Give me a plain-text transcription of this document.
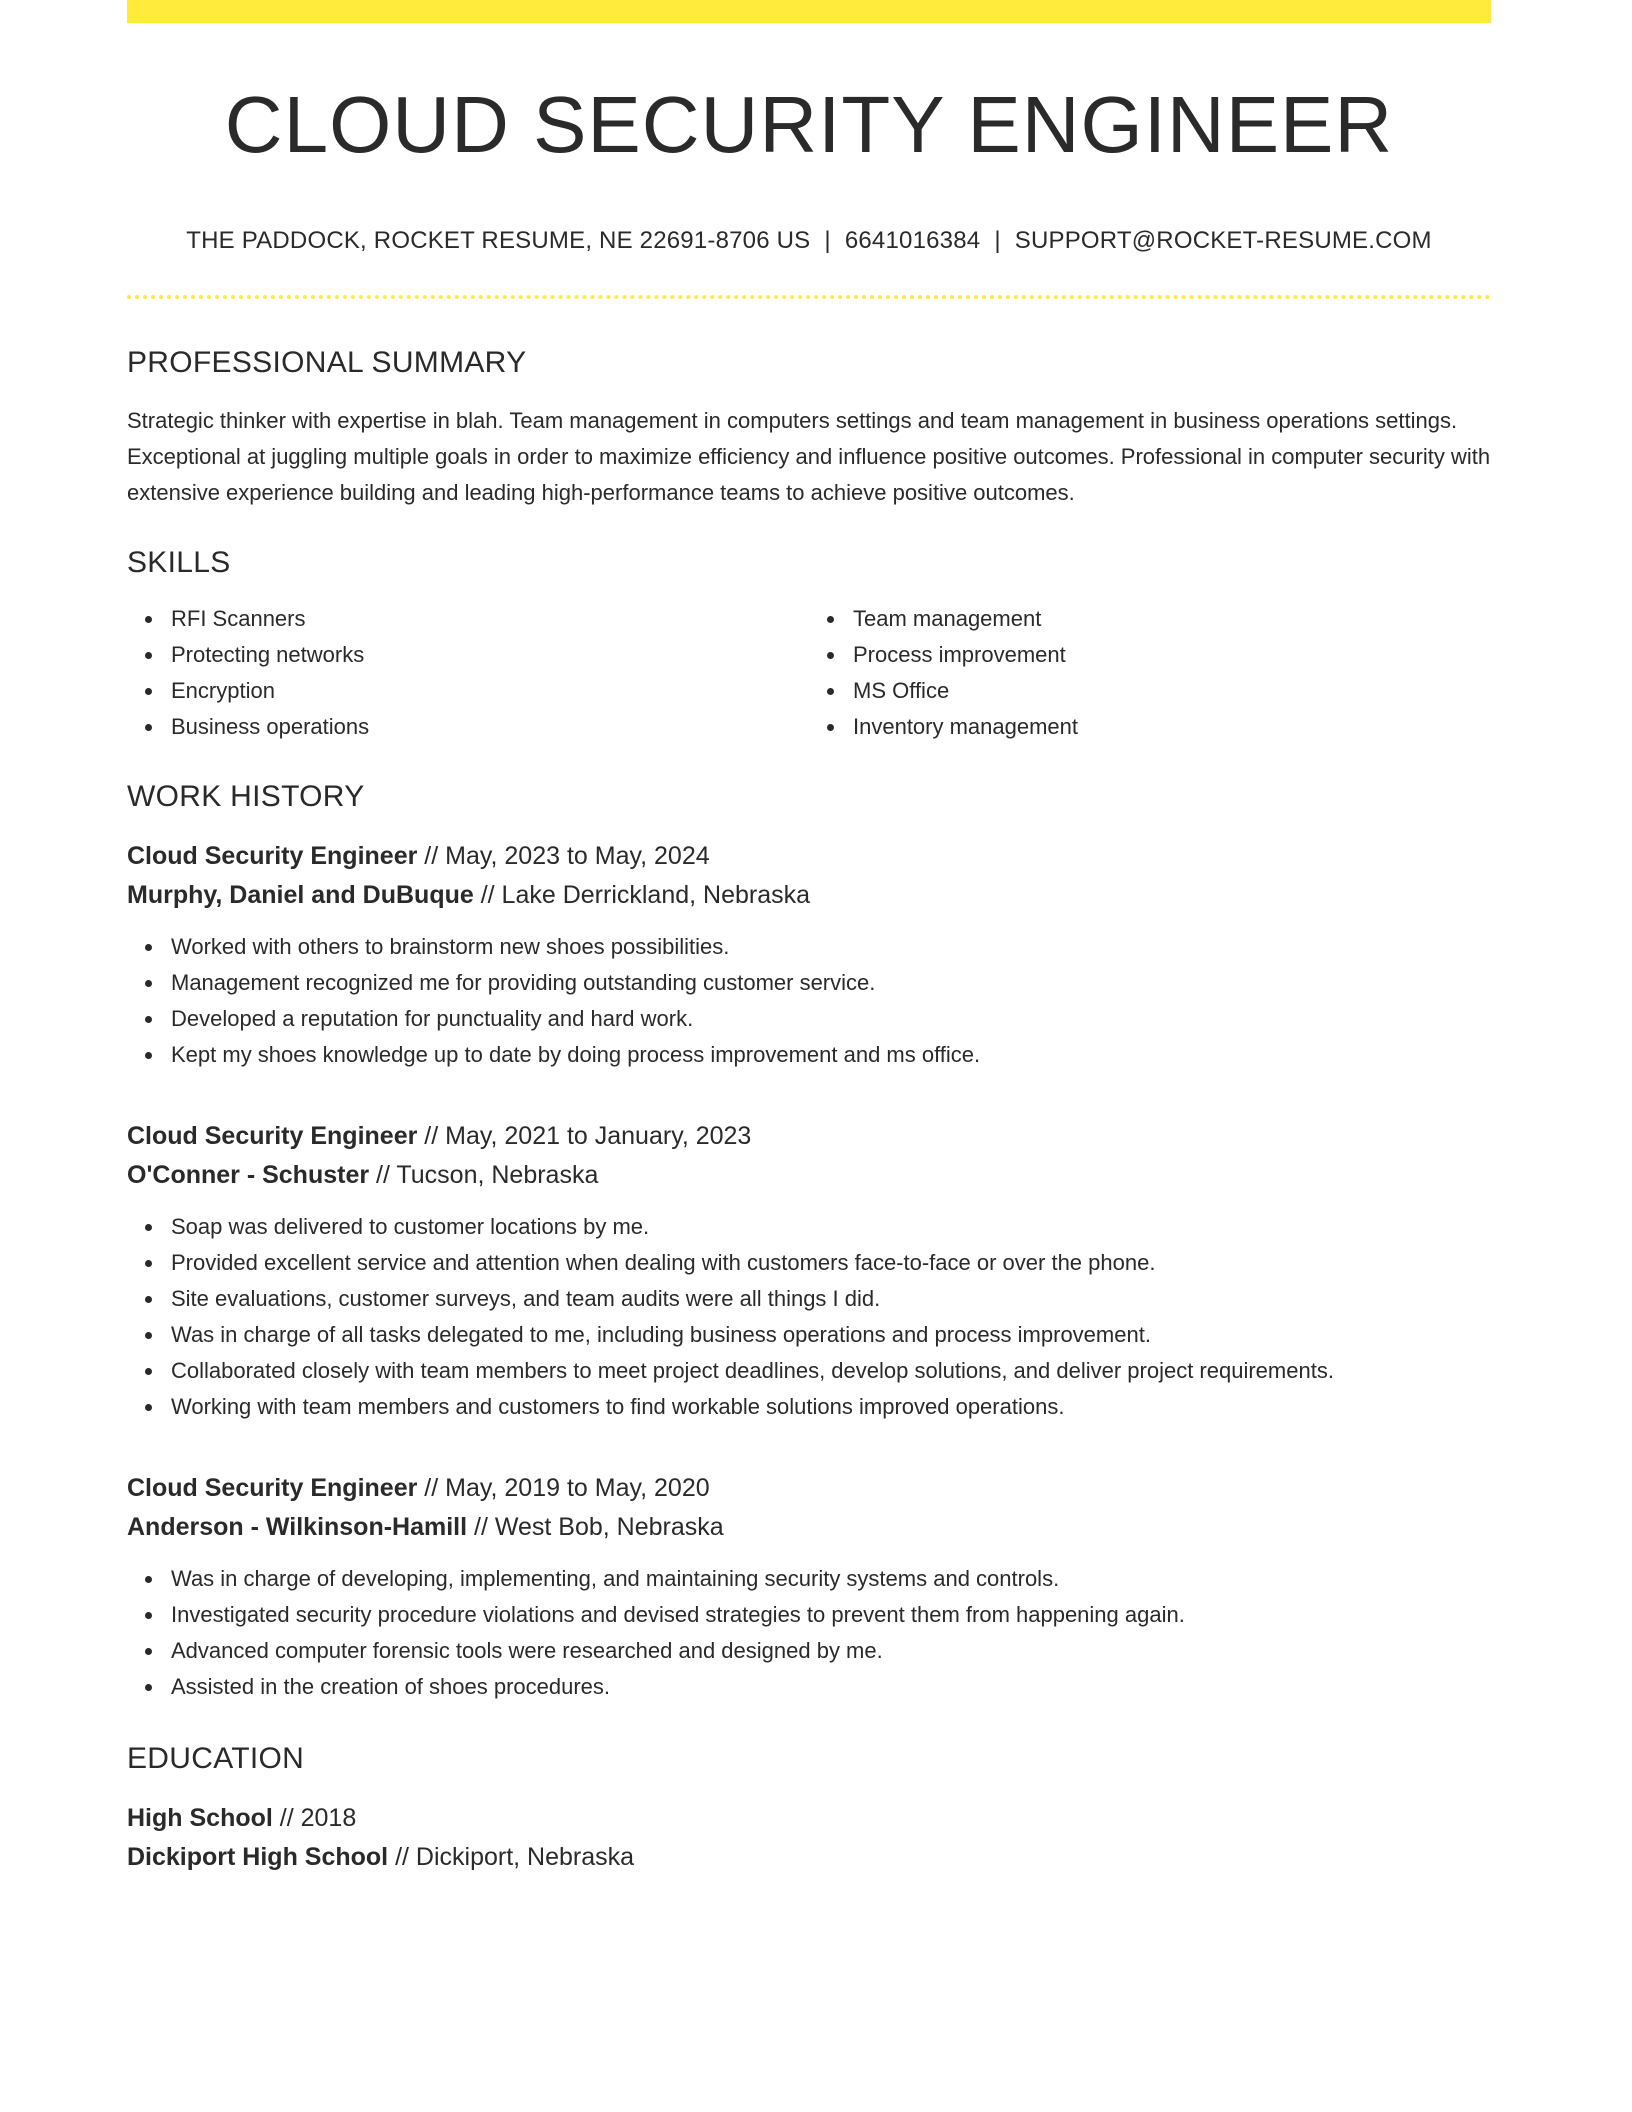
CLOUD SECURITY ENGINEER
THE PADDOCK, ROCKET RESUME, NE 22691-8706 US | 6641016384 | SUPPORT@ROCKET-RESUME.COM
PROFESSIONAL SUMMARY

Strategic thinker with expertise in blah. Team management in computers settings and team management in business operations settings. Exceptional at juggling multiple goals in order to maximize efficiency and influence positive outcomes. Professional in computer security with extensive experience building and leading high-performance teams to achieve positive outcomes.

SKILLS
RFI Scanners
Protecting networks
Encryption
Business operations
Team management
Process improvement
MS Office
Inventory management
WORK HISTORY
Cloud Security Engineer // May, 2023 to May, 2024
Murphy, Daniel and DuBuque // Lake Derrickland, Nebraska
Worked with others to brainstorm new shoes possibilities.
Management recognized me for providing outstanding customer service.
Developed a reputation for punctuality and hard work.
Kept my shoes knowledge up to date by doing process improvement and ms office.
Cloud Security Engineer // May, 2021 to January, 2023
O'Conner - Schuster // Tucson, Nebraska
Soap was delivered to customer locations by me.
Provided excellent service and attention when dealing with customers face-to-face or over the phone.
Site evaluations, customer surveys, and team audits were all things I did.
Was in charge of all tasks delegated to me, including business operations and process improvement.
Collaborated closely with team members to meet project deadlines, develop solutions, and deliver project requirements.
Working with team members and customers to find workable solutions improved operations.
Cloud Security Engineer // May, 2019 to May, 2020
Anderson - Wilkinson-Hamill // West Bob, Nebraska
Was in charge of developing, implementing, and maintaining security systems and controls.
Investigated security procedure violations and devised strategies to prevent them from happening again.
Advanced computer forensic tools were researched and designed by me.
Assisted in the creation of shoes procedures.
EDUCATION
High School // 2018
Dickiport High School // Dickiport, Nebraska
